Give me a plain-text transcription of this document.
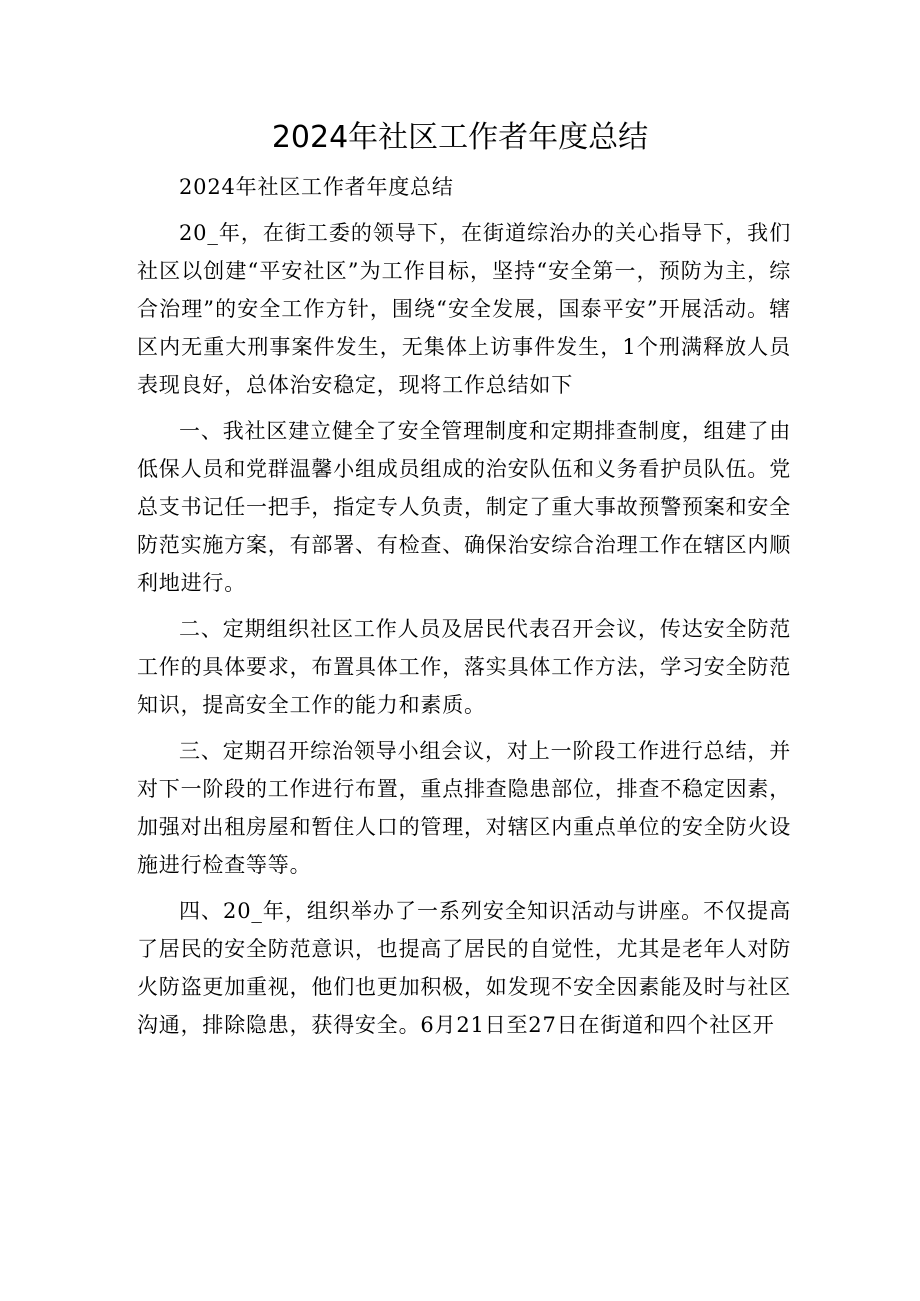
2024年社区工作者年度总结

2024年社区工作者年度总结

20_年，在街工委的领导下，在街道综治办的关心指导下，我们社区以创建“平安社区”为工作目标，坚持“安全第一，预防为主，综合治理”的安全工作方针，围绕“安全发展，国泰平安”开展活动。辖区内无重大刑事案件发生，无集体上访事件发生，1个刑满释放人员表现良好，总体治安稳定，现将工作总结如下

一、我社区建立健全了安全管理制度和定期排查制度，组建了由低保人员和党群温馨小组成员组成的治安队伍和义务看护员队伍。党总支书记任一把手，指定专人负责，制定了重大事故预警预案和安全防范实施方案，有部署、有检查、确保治安综合治理工作在辖区内顺利地进行。

二、定期组织社区工作人员及居民代表召开会议，传达安全防范工作的具体要求，布置具体工作，落实具体工作方法，学习安全防范知识，提高安全工作的能力和素质。

三、定期召开综治领导小组会议，对上一阶段工作进行总结，并对下一阶段的工作进行布置，重点排查隐患部位，排查不稳定因素，加强对出租房屋和暂住人口的管理，对辖区内重点单位的安全防火设施进行检查等等。

四、20_年，组织举办了一系列安全知识活动与讲座。不仅提高了居民的安全防范意识，也提高了居民的自觉性，尤其是老年人对防火防盗更加重视，他们也更加积极，如发现不安全因素能及时与社区沟通，排除隐患，获得安全。6月21日至27日在街道和四个社区开
